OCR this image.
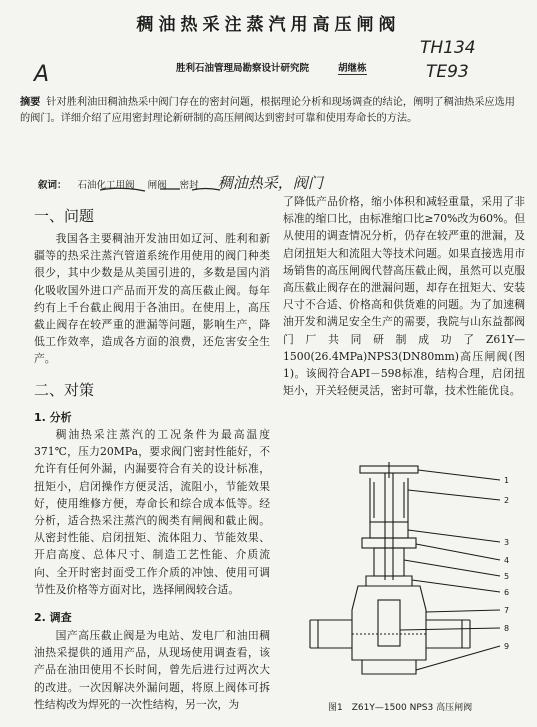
稠油热采注蒸汽用高压闸阀
A
TH134
TE93
胜利石油管理局勘察设计研究院	胡继栋
摘要 针对胜利油田稠油热采中阀门存在的密封问题，根据理论分析和现场调查的结论，阐明了稠油热采应选用的阀门。详细介绍了应用密封理论新研制的高压闸阀达到密封可靠和使用寿命长的方法。
叙词： 石油化工用阀 闸阀 密封 稠油热采，阀门
一、问题
我国各主要稠油开发油田如辽河、胜利和新疆等的热采注蒸汽管道系统作用使用的阀门种类很少，其中少数是从美国引进的，多数是国内消化吸收国外进口产品而开发的高压截止阀。每年约有上千台截止阀用于各油田。在使用上，高压截止阀存在较严重的泄漏等问题，影响生产，降低工作效率，造成各方面的浪费，还危害安全生产。
二、对策
1. 分析
稠油热采注蒸汽的工况条件为最高温度371℃，压力20MPa，要求阀门密封性能好，不允许有任何外漏，内漏要符合有关的设计标准，扭矩小，启闭操作方便灵活，流阻小，节能效果好，使用维修方便，寿命长和综合成本低等。经分析，适合热采注蒸汽的阀类有闸阀和截止阀。从密封性能、启闭扭矩、流体阻力、节能效果、开启高度、总体尺寸、制造工艺性能、介质流向、全开时密封面受工作介质的冲蚀、使用可调节性及价格等方面对比，选择闸阀较合适。
2. 调查
国产高压截止阀是为电站、发电厂和油田稠油热采提供的通用产品，从现场使用调查看，该产品在油田使用不长时间，曾先后进行过两次大的改进。一次因解决外漏问题，将原上阀体可拆性结构改为焊死的一次性结构，另一次，为
了降低产品价格，缩小体积和减轻重量，采用了非标准的缩口比，由标准缩口比≥70%改为60%。但从使用的调查情况分析，仍存在较严重的泄漏，及启闭扭矩大和流阻大等技术问题。如果直接选用市场销售的高压闸阀代替高压截止阀，虽然可以克服高压截止阀存在的泄漏问题，却存在扭矩大、安装尺寸不合适、价格高和供货难的问题。为了加速稠油开发和满足安全生产的需要，我院与山东益都阀门厂共同研制成功了Z61Y—1500(26.4MPa)NPS3(DN80mm)高压闸阀(图1)。该阀符合API－598标准，结构合理，启闭扭矩小，开关轻便灵活，密封可靠，技术性能优良。
1
2
3
4
5
6
7
8
9
图1　Z61Y—1500 NPS3 高压闸阀
